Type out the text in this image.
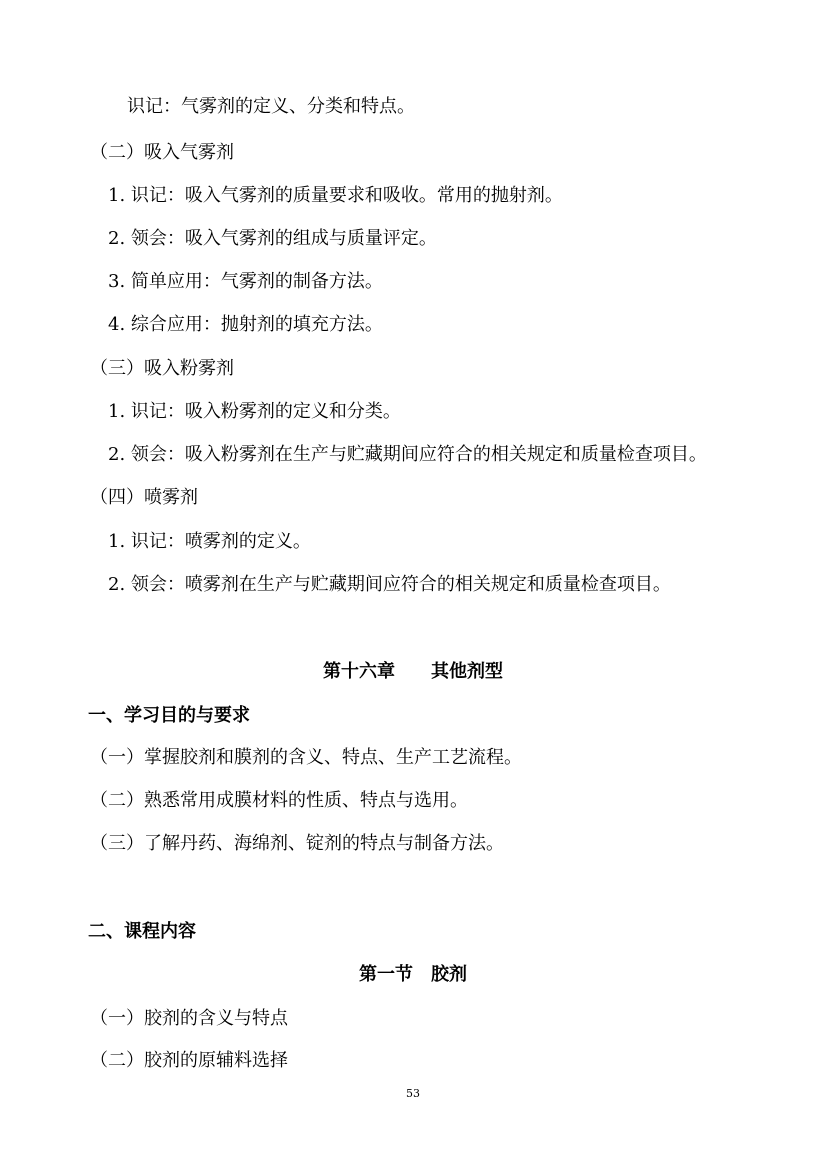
识记：气雾剂的定义、分类和特点。
（二）吸入气雾剂
1. 识记：吸入气雾剂的质量要求和吸收。常用的抛射剂。
2. 领会：吸入气雾剂的组成与质量评定。
3. 简单应用：气雾剂的制备方法。
4. 综合应用：抛射剂的填充方法。
（三）吸入粉雾剂
1. 识记：吸入粉雾剂的定义和分类。
2. 领会：吸入粉雾剂在生产与贮藏期间应符合的相关规定和质量检查项目。
（四）喷雾剂
1. 识记：喷雾剂的定义。
2. 领会：喷雾剂在生产与贮藏期间应符合的相关规定和质量检查项目。
第十六章　　其他剂型
一、学习目的与要求
（一）掌握胶剂和膜剂的含义、特点、生产工艺流程。
（二）熟悉常用成膜材料的性质、特点与选用。
（三）了解丹药、海绵剂、锭剂的特点与制备方法。
二、课程内容
第一节　胶剂
（一）胶剂的含义与特点
（二）胶剂的原辅料选择
53
